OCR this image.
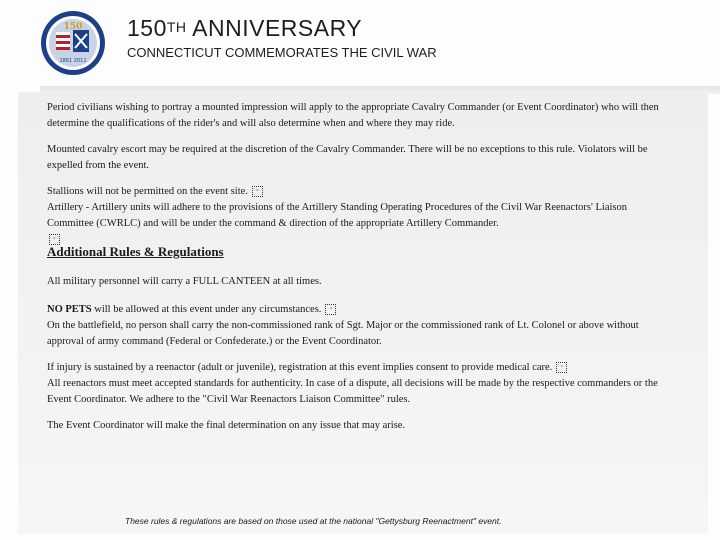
150
1861 2011
150TH ANNIVERSARY
CONNECTICUT COMMEMORATES THE CIVIL WAR

Period civilians wishing to portray a mounted impression will apply to the appropriate Cavalry Commander (or Event Coordinator) who will then determine the qualifications of the rider's and will also determine when and where they may ride.

Mounted cavalry escort may be required at the discretion of the Cavalry Commander. There will be no exceptions to this rule. Violators will be expelled from the event.

Stallions will not be permitted on the event site. ▫

Artillery - Artillery units will adhere to the provisions of the Artillery Standing Operating Procedures of the Civil War Reenactors' Liaison Committee (CWRLC) and will be under the command & direction of the appropriate Artillery Commander.
▫

Additional Rules & Regulations

All military personnel will carry a FULL CANTEEN at all times.

NO PETS will be allowed at this event under any circumstances. ▫

On the battlefield, no person shall carry the non-commissioned rank of Sgt. Major or the commissioned rank of Lt. Colonel or above without approval of army command (Federal or Confederate.) or the Event Coordinator.

If injury is sustained by a reenactor (adult or juvenile), registration at this event implies consent to provide medical care. ▫

All reenactors must meet accepted standards for authenticity. In case of a dispute, all decisions will be made by the respective commanders or the Event Coordinator. We adhere to the "Civil War Reenactors Liaison Committee" rules.

The Event Coordinator will make the final determination on any issue that may arise.

These rules & regulations are based on those used at the national "Gettysburg Reenactment" event.
